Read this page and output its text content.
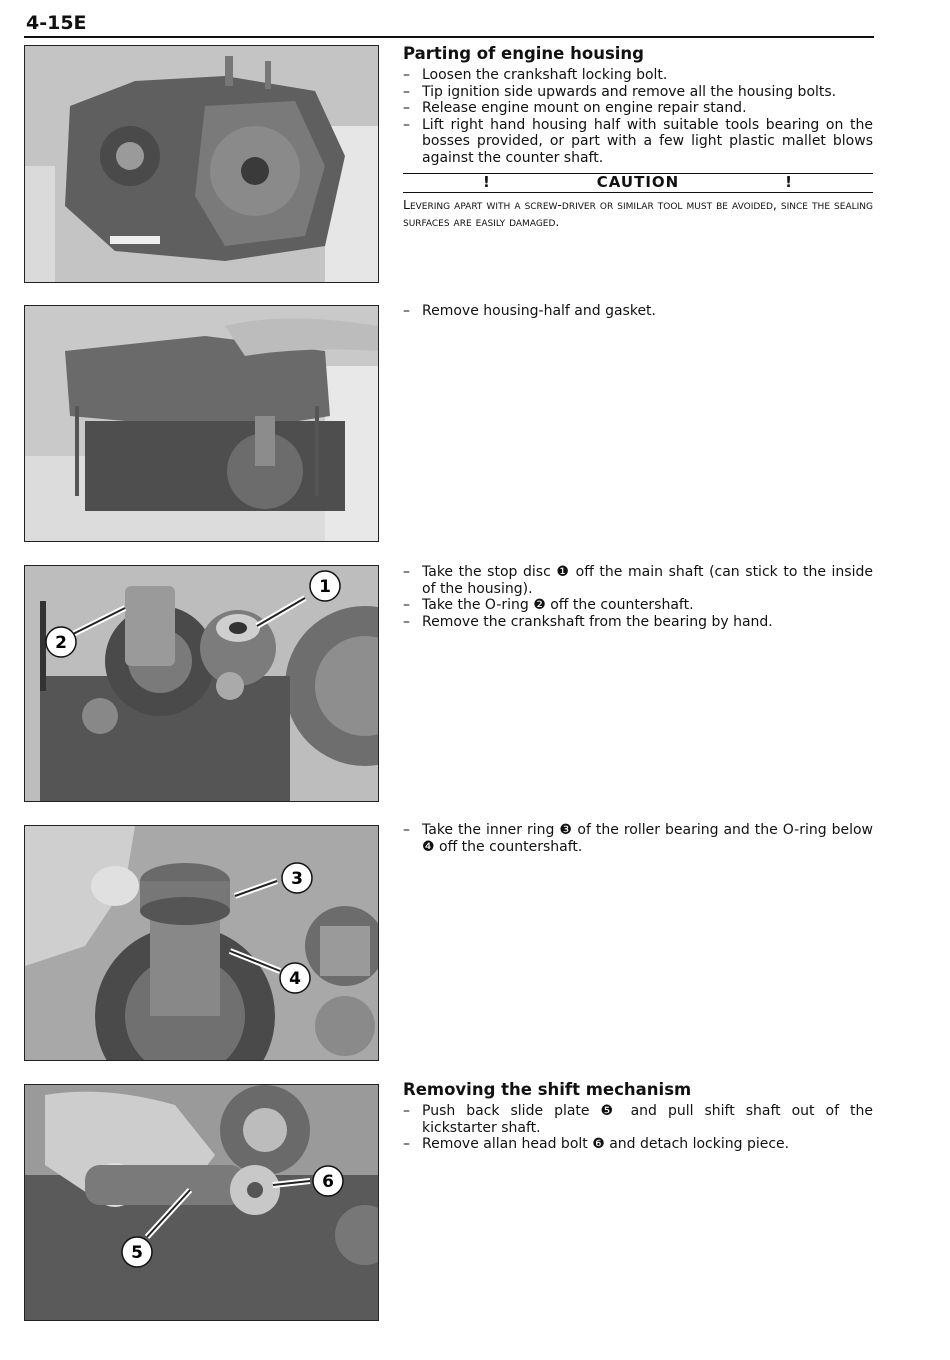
4-15E
1
2
3
4
6
5
Parting of engine housing
– Loosen the crankshaft locking bolt.
– Tip ignition side upwards and remove all the housing bolts.
– Release engine mount on engine repair stand.
– Lift right hand housing half with suitable tools bearing on the bosses provided, or part with a few light plastic mallet blows against the counter shaft.
!	CAUTION	!
Levering apart with a screw-driver or similar tool must be avoided, since the sealing surfaces are easily damaged.
– Remove housing-half and gasket.
– Take the stop disc ❶ off the main shaft (can stick to the inside of the housing).
– Take the O-ring ❷ off the countershaft.
– Remove the crankshaft from the bearing by hand.
– Take the inner ring ❸ of the roller bearing and the O-ring below ❹ off the countershaft.
Removing the shift mechanism
– Push back slide plate ❺ and pull shift shaft out of the kickstarter shaft.
– Remove allan head bolt ❻ and detach locking piece.
